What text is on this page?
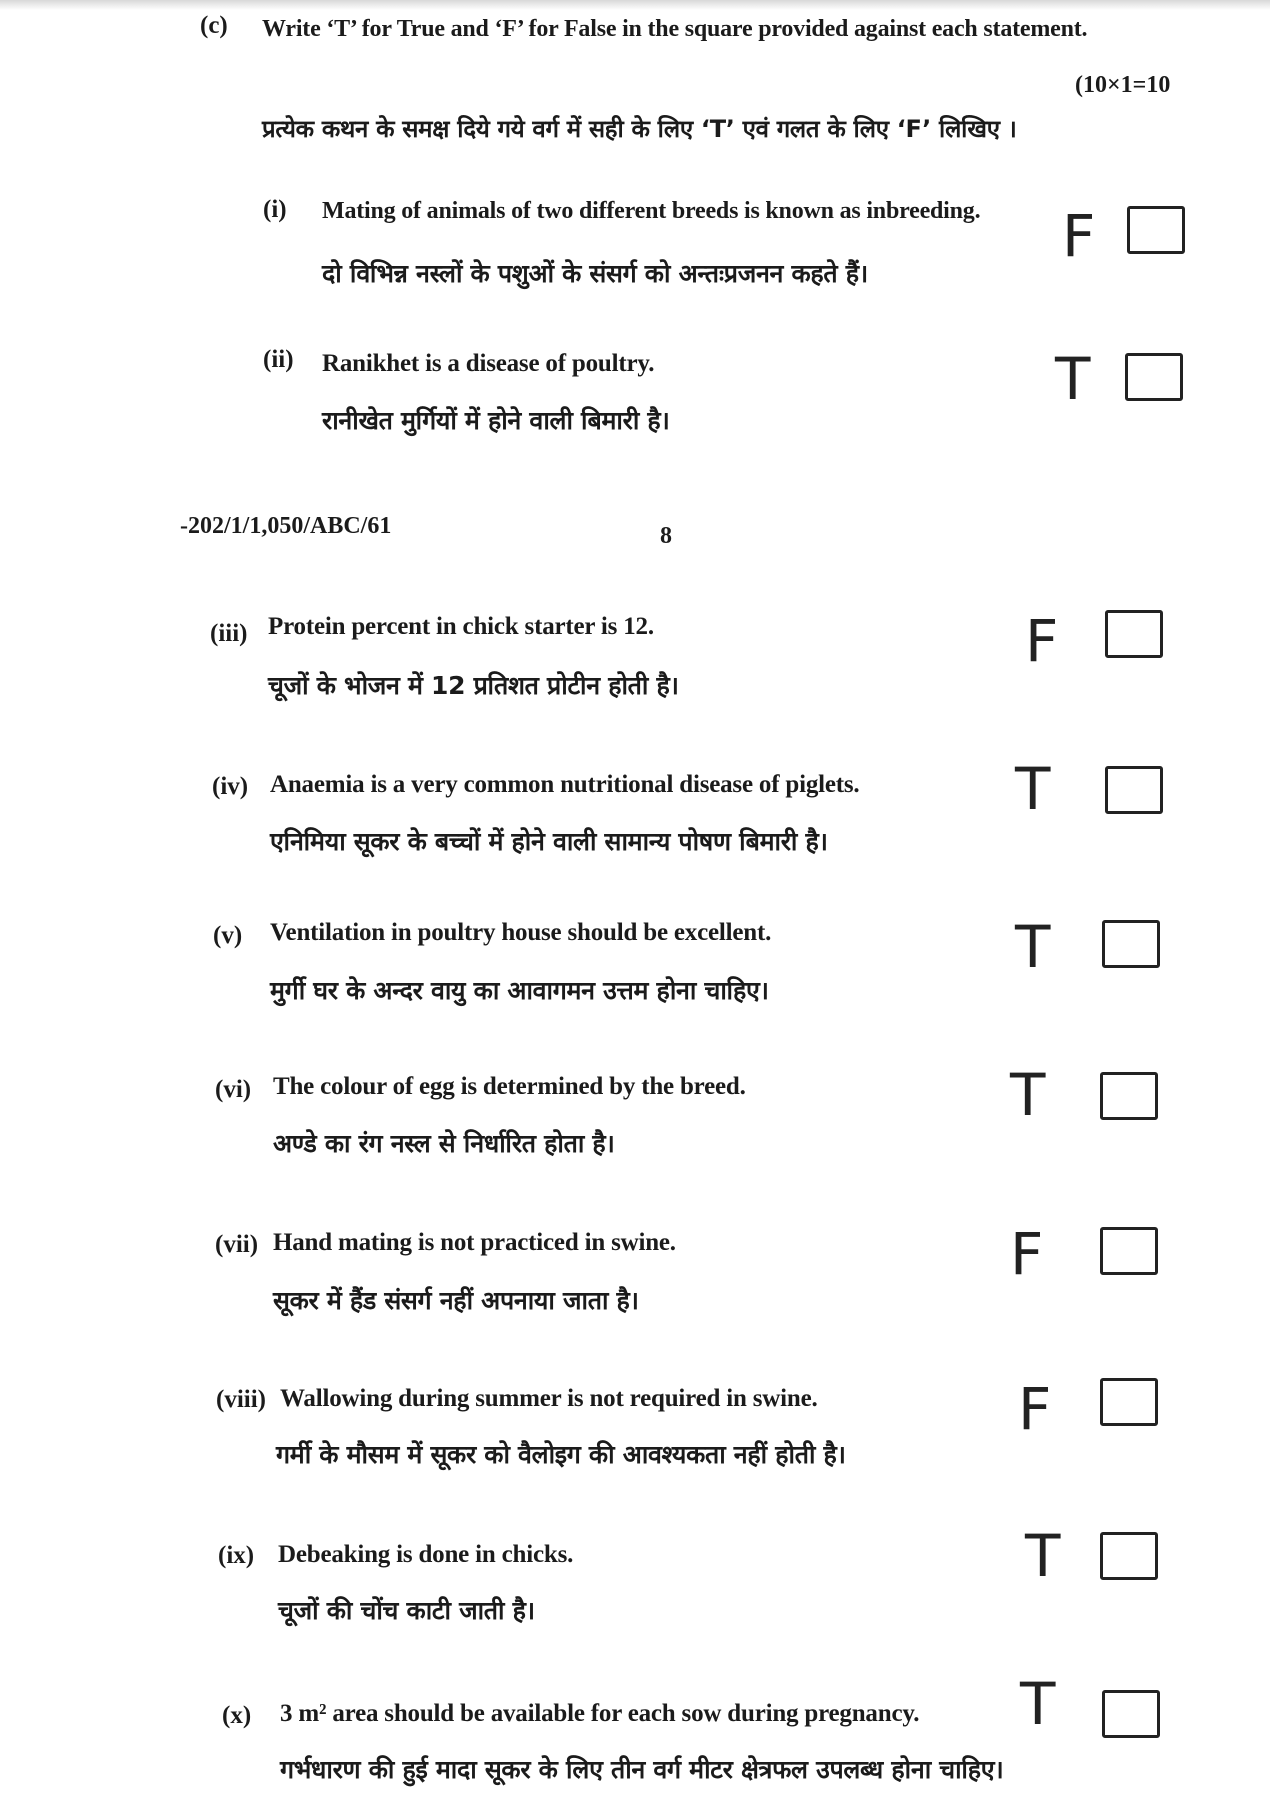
(c) Write ‘T’ for True and ‘F’ for False in the square provided against each statement.
(10×1=10
प्रत्येक कथन के समक्ष दिये गये वर्ग में सही के लिए ‘T’ एवं गलत के लिए ‘F’ लिखिए ।
(i) Mating of animals of two different breeds is known as inbreeding.
दो विभिन्न नस्लों के पशुओं के संसर्ग को अन्तःप्रजनन कहते हैं।
F
(ii) Ranikhet is a disease of poultry.
रानीखेत मुर्गियों में होने वाली बिमारी है।
T
-202/1/1,050/ABC/61	8
(iii) Protein percent in chick starter is 12.
चूजों के भोजन में 12 प्रतिशत प्रोटीन होती है।
F
(iv) Anaemia is a very common nutritional disease of piglets.
एनिमिया सूकर के बच्चों में होने वाली सामान्य पोषण बिमारी है।
T
(v) Ventilation in poultry house should be excellent.
मुर्गी घर के अन्दर वायु का आवागमन उत्तम होना चाहिए।
T
(vi) The colour of egg is determined by the breed.
अण्डे का रंग नस्ल से निर्धारित होता है।
T
(vii) Hand mating is not practiced in swine.
सूकर में हैंड संसर्ग नहीं अपनाया जाता है।
F
(viii) Wallowing during summer is not required in swine.
गर्मी के मौसम में सूकर को वैलोइग की आवश्यकता नहीं होती है।
F
(ix) Debeaking is done in chicks.
चूजों की चोंच काटी जाती है।
T
(x) 3 m² area should be available for each sow during pregnancy.
गर्भधारण की हुई मादा सूकर के लिए तीन वर्ग मीटर क्षेत्रफल उपलब्ध होना चाहिए।
T
